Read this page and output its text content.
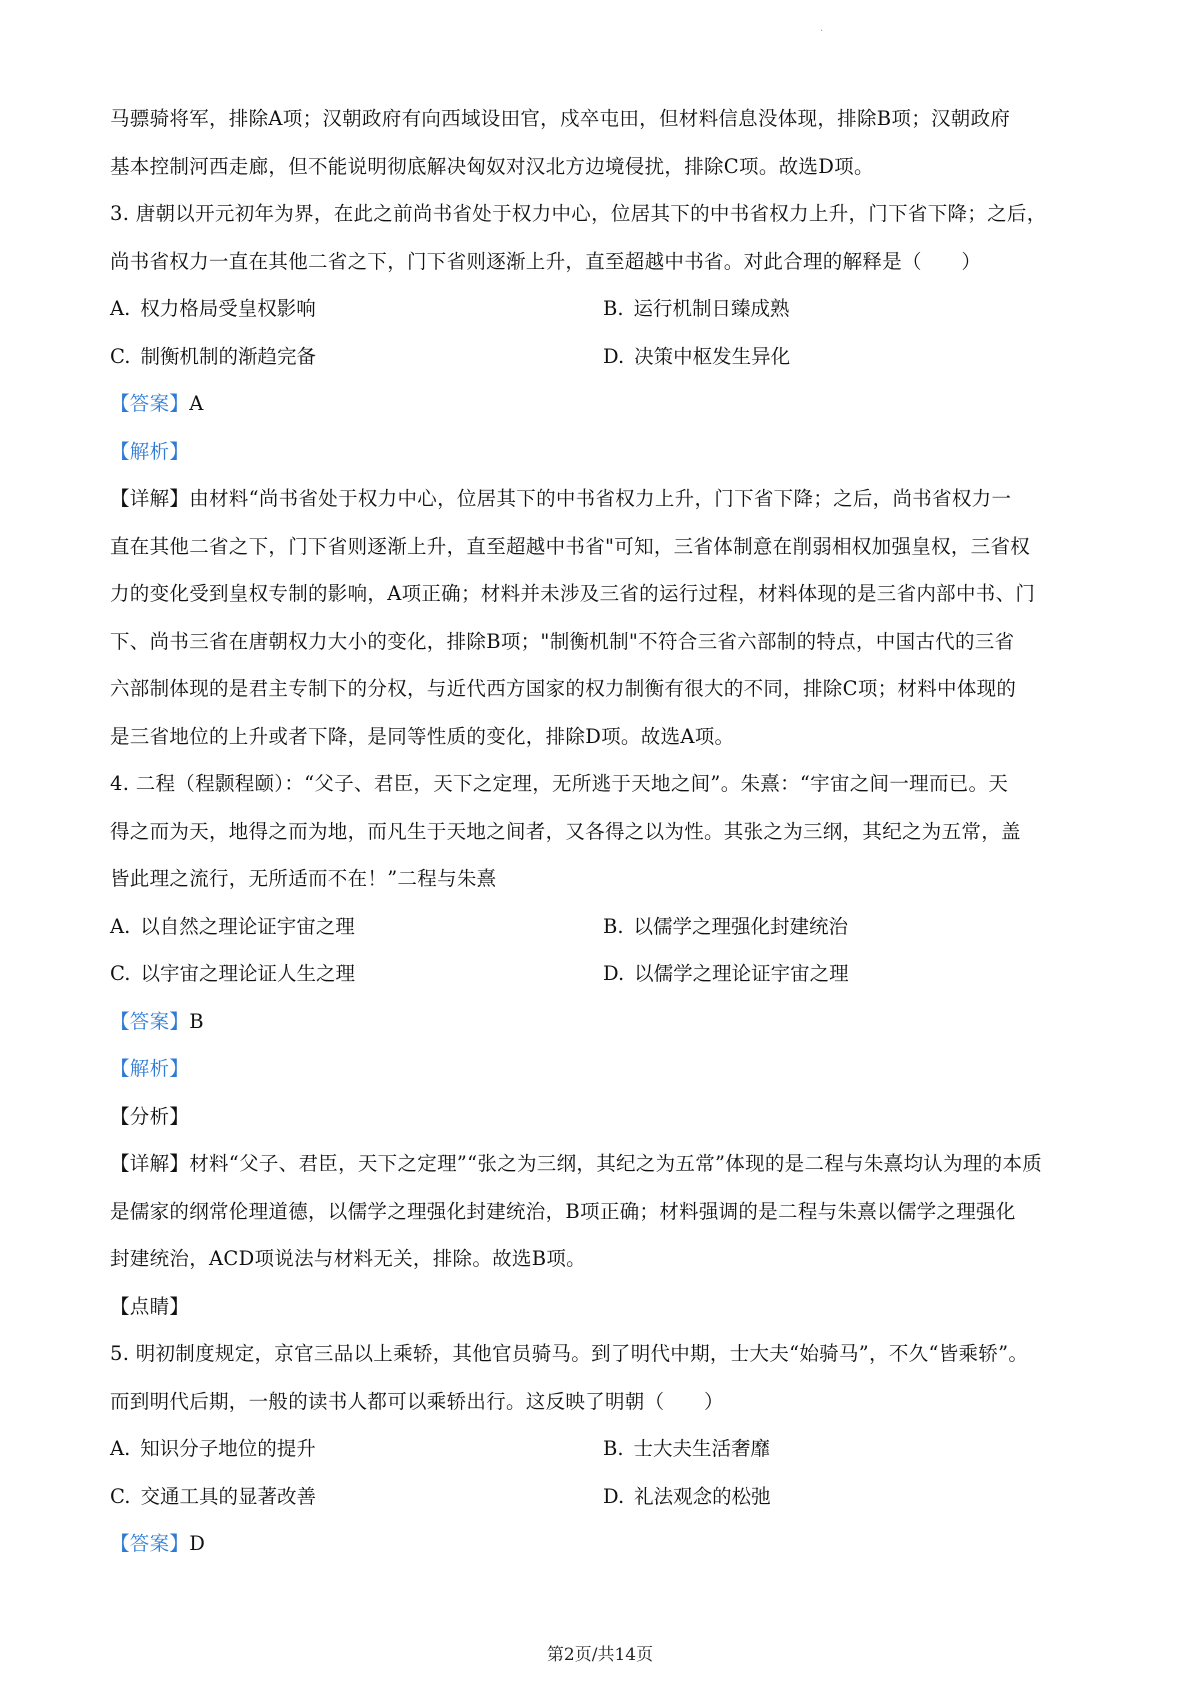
·

马骠骑将军，排除A项；汉朝政府有向西域设田官，戍卒屯田，但材料信息没体现，排除B项；汉朝政府

基本控制河西走廊，但不能说明彻底解决匈奴对汉北方边境侵扰，排除C项。故选D项。

3. 唐朝以开元初年为界，在此之前尚书省处于权力中心，位居其下的中书省权力上升，门下省下降；之后，

尚书省权力一直在其他二省之下，门下省则逐渐上升，直至超越中书省。对此合理的解释是（　　）

A. 权力格局受皇权影响	B. 运行机制日臻成熟
C. 制衡机制的渐趋完备	D. 决策中枢发生异化

【答案】A

【解析】

【详解】由材料“尚书省处于权力中心，位居其下的中书省权力上升，门下省下降；之后，尚书省权力一

直在其他二省之下，门下省则逐渐上升，直至超越中书省"可知，三省体制意在削弱相权加强皇权，三省权

力的变化受到皇权专制的影响，A项正确；材料并未涉及三省的运行过程，材料体现的是三省内部中书、门

下、尚书三省在唐朝权力大小的变化，排除B项；"制衡机制"不符合三省六部制的特点，中国古代的三省

六部制体现的是君主专制下的分权，与近代西方国家的权力制衡有很大的不同，排除C项；材料中体现的

是三省地位的上升或者下降，是同等性质的变化，排除D项。故选A项。

4. 二程（程颢程颐）：“父子、君臣，天下之定理，无所逃于天地之间”。朱熹：“宇宙之间一理而已。天

得之而为天，地得之而为地，而凡生于天地之间者，又各得之以为性。其张之为三纲，其纪之为五常，盖

皆此理之流行，无所适而不在！”二程与朱熹

A. 以自然之理论证宇宙之理	B. 以儒学之理强化封建统治
C. 以宇宙之理论证人生之理	D. 以儒学之理论证宇宙之理

【答案】B

【解析】

【分析】

【详解】材料“父子、君臣，天下之定理”“张之为三纲，其纪之为五常”体现的是二程与朱熹均认为理的本质

是儒家的纲常伦理道德，以儒学之理强化封建统治，B项正确；材料强调的是二程与朱熹以儒学之理强化

封建统治，ACD项说法与材料无关，排除。故选B项。

【点睛】

5. 明初制度规定，京官三品以上乘轿，其他官员骑马。到了明代中期，士大夫“始骑马”，不久“皆乘轿”。

而到明代后期，一般的读书人都可以乘轿出行。这反映了明朝（　　）

A. 知识分子地位的提升	B. 士大夫生活奢靡
C. 交通工具的显著改善	D. 礼法观念的松弛

【答案】D

第2页/共14页
